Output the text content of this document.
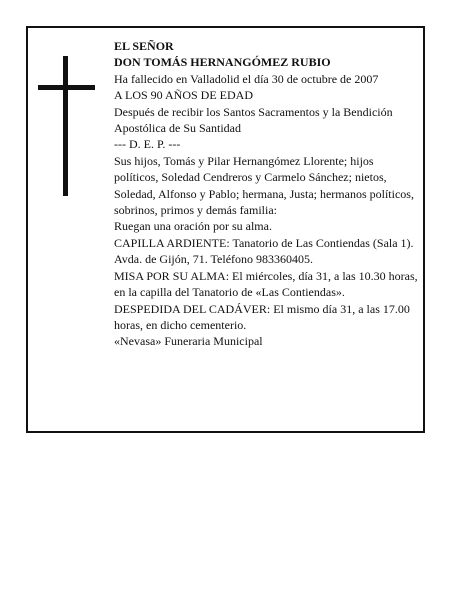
EL SEÑOR

DON TOMÁS HERNANGÓMEZ RUBIO

Ha fallecido en Valladolid el día 30 de octubre de 2007

A LOS 90 AÑOS DE EDAD

Después de recibir los Santos Sacramentos y la Bendición Apostólica de Su Santidad

--- D. E. P. ---

Sus hijos, Tomás y Pilar Hernangómez Llorente; hijos políticos, Soledad Cendreros y Carmelo Sánchez; nietos, Soledad, Alfonso y Pablo; hermana, Justa; hermanos políticos, sobrinos, primos y demás familia:

Ruegan una oración por su alma.

CAPILLA ARDIENTE: Tanatorio de Las Contiendas (Sala 1). Avda. de Gijón, 71. Teléfono 983360405.

MISA POR SU ALMA: El miércoles, día 31, a las 10.30 horas, en la capilla del Tanatorio de «Las Contiendas».

DESPEDIDA DEL CADÁVER: El mismo día 31, a las 17.00 horas, en dicho cementerio.

«Nevasa» Funeraria Municipal
